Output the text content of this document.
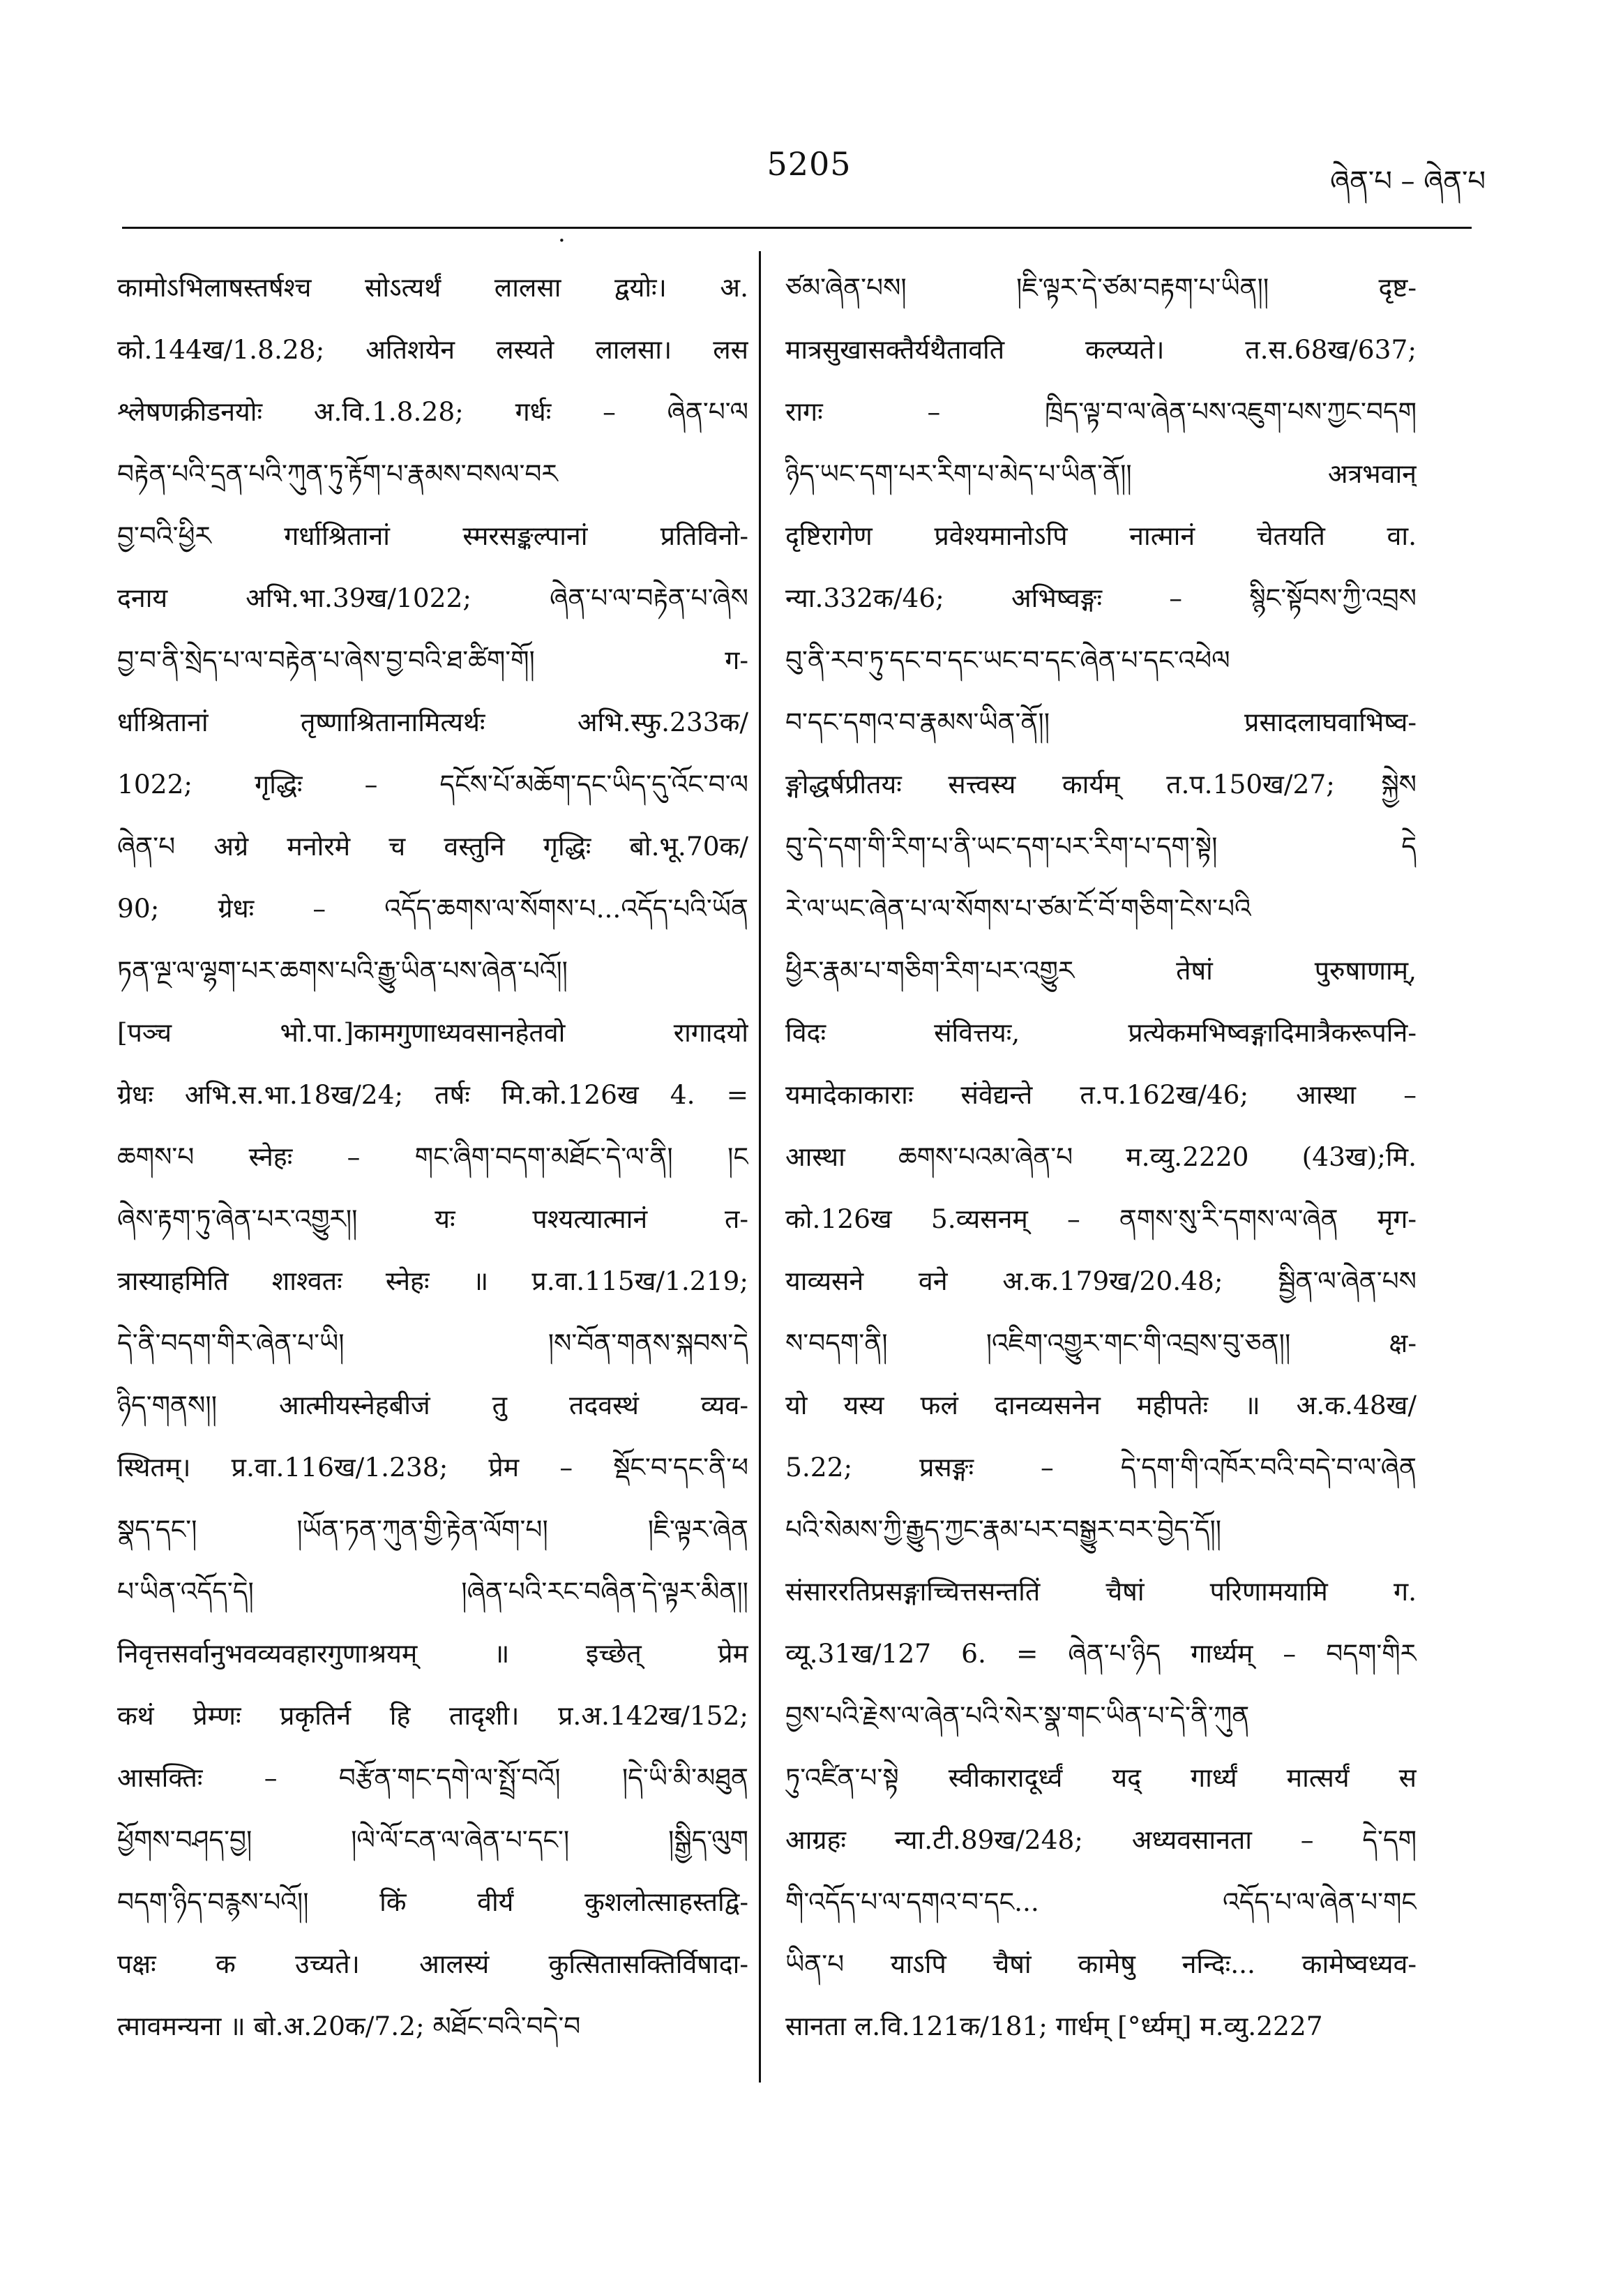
5205	ཞེན་པ – ཞེན་པ
·
कामोऽभिलाषस्तर्षश्च सोऽत्यर्थं लालसा द्वयोः। अ.
को.144ख/1.8.28; अतिशयेन लस्यते लालसा। लस
श्लेषणक्रीडनयोः अ.वि.1.8.28; गर्धः – ཞེན་པ་ལ
བརྟེན་པའི་དྲན་པའི་ཀུན་ཏུ་རྟོག་པ་རྣམས་བསལ་བར
བྱ་བའི་ཕྱིར गर्धाश्रितानां स्मरसङ्कल्पानां प्रतिविनो-
दनाय अभि.भा.39ख/1022; ཞེན་པ་ལ་བརྟེན་པ་ཞེས
བྱ་བ་ནི་སྲེད་པ་ལ་བརྟེན་པ་ཞེས་བྱ་བའི་ཐ་ཚིག་གོ། ग-
र्धाश्रितानां तृष्णाश्रितानामित्यर्थः अभि.स्फु.233क/
1022; गृद्धिः – དངོས་པོ་མཆོག་དང་ཡིད་དུ་འོང་བ་ལ
ཞེན་པ अग्रे मनोरमे च वस्तुनि गृद्धिः बो.भू.70क/
90; ग्रेधः – འདོད་ཆགས་ལ་སོགས་པ...འདོད་པའི་ཡོན
ཏན་ལྔ་ལ་ལྷག་པར་ཆགས་པའི་རྒྱུ་ཡིན་པས་ཞེན་པའོ།།
[पञ्च भो.पा.]कामगुणाध्यवसानहेतवो रागादयो
ग्रेधः अभि.स.भा.18ख/24; तर्षः मि.को.126ख 4. =
ཆགས་པ स्नेहः – གང་ཞིག་བདག་མཐོང་དེ་ལ་ནི། །ང
ཞེས་རྟག་ཏུ་ཞེན་པར་འགྱུར།། यः पश्यत्यात्मानं त-
त्रास्याहमिति शाश्वतः स्नेहः ॥ प्र.वा.115ख/1.219;
དེ་ནི་བདག་གིར་ཞེན་པ་ཡི། །ས་བོན་གནས་སྐབས་དེ
ཉིད་གནས།། आत्मीयस्नेहबीजं तु तदवस्थं व्यव-
स्थितम्। प्र.वा.116ख/1.238; प्रेम – སྡོང་བ་དང་ནི་ཕ
སྣད་དང་། །ཡོན་ཏན་ཀུན་གྱི་རྟེན་ལོག་པ། །ཇི་ལྟར་ཞེན
པ་ཡིན་འདོད་དེ། །ཞེན་པའི་རང་བཞིན་དེ་ལྟར་མིན།།
निवृत्तसर्वानुभवव्यवहारगुणाश्रयम् ॥ इच्छेत् प्रेम
कथं प्रेम्णः प्रकृतिर्न हि तादृशी। प्र.अ.142ख/152;
आसक्तिः – བརྩོན་གང་དགེ་ལ་སྤྲོ་བའོ། །དེ་ཡི་མི་མཐུན
ཕྱོགས་བཤད་བྱ། །ལེ་ལོ་ངན་ལ་ཞེན་པ་དང་། །སྒྱིད་ལུག
བདག་ཉིད་བརྙས་པའོ།། किं वीर्यं कुशलोत्साहस्तद्वि-
पक्षः क उच्यते। आलस्यं कुत्सितासक्तिर्विषादा-
त्मावमन्यना ॥ बो.अ.20क/7.2; མཐོང་བའི་བདེ་བ
ཙམ་ཞེན་པས། །ཇི་ལྟར་དེ་ཙམ་བརྟག་པ་ཡིན།། दृष्ट-
मात्रसुखासक्तैर्यथैतावति कल्प्यते। त.स.68ख/637;
रागः – ཁྲིད་ལྟ་བ་ལ་ཞེན་པས་འཇུག་པས་ཀྱང་བདག
ཉིད་ཡང་དག་པར་རིག་པ་མེད་པ་ཡིན་ནོ།། अत्रभवान्
दृष्टिरागेण प्रवेश्यमानोऽपि नात्मानं चेतयति वा.
न्या.332क/46; अभिष्वङ्गः – སྙིང་སྟོབས་ཀྱི་འབྲས
བུ་ནི་རབ་ཏུ་དང་བ་དང་ཡང་བ་དང་ཞེན་པ་དང་འཕེལ
བ་དང་དགའ་བ་རྣམས་ཡིན་ནོ།། प्रसादलाघवाभिष्व-
ङ्गोद्धर्षप्रीतयः सत्त्वस्य कार्यम् त.प.150ख/27; སྐྱེས
བུ་དེ་དག་གི་རིག་པ་ནི་ཡང་དག་པར་རིག་པ་དག་སྟེ། དེ
རེ་ལ་ཡང་ཞེན་པ་ལ་སོགས་པ་ཙམ་ངོ་བོ་གཅིག་ངེས་པའི
ཕྱིར་རྣམ་པ་གཅིག་རིག་པར་འགྱུར तेषां पुरुषाणाम्,
विदः संवित्तयः, प्रत्येकमभिष्वङ्गादिमात्रैकरूपनि-
यमादेकाकाराः संवेद्यन्ते त.प.162ख/46; आस्था –
आस्था ཆགས་པའམ་ཞེན་པ म.व्यु.2220 (43ख);मि.
को.126ख 5.व्यसनम् – ནགས་སུ་རི་དགས་ལ་ཞེན मृग-
याव्यसने वने अ.क.179ख/20.48; སྦྱིན་ལ་ཞེན་པས
ས་བདག་ནི། །འཇིག་འགྱུར་གང་གི་འབྲས་བུ་ཅན།། क्ष-
यो यस्य फलं दानव्यसनेन महीपतेः ॥ अ.क.48ख/
5.22; प्रसङ्गः – དེ་དག་གི་འཁོར་བའི་བདེ་བ་ལ་ཞེན
པའི་སེམས་ཀྱི་རྒྱུད་ཀྱང་རྣམ་པར་བསྒྱུར་བར་བྱེད་དོ།།
संसाररतिप्रसङ्गाच्चित्तसन्ततिं चैषां परिणामयामि ग.
व्यू.31ख/127 6. = ཞེན་པ་ཉིད गार्ध्यम् – བདག་གིར
བྱས་པའི་རྗེས་ལ་ཞེན་པའི་སེར་སྣ་གང་ཡིན་པ་དེ་ནི་ཀུན
ཏུ་འཛིན་པ་སྟེ स्वीकारादूर्ध्वं यद् गार्ध्यं मात्सर्यं स
आग्रहः न्या.टी.89ख/248; अध्यवसानता – དེ་དག
གི་འདོད་པ་ལ་དགའ་བ་དང... འདོད་པ་ལ་ཞེན་པ་གང
ཡིན་པ याऽपि चैषां कामेषु नन्दिः... कामेष्वध्यव-
सानता ल.वि.121क/181; गार्धम् [°र्ध्यम्] म.व्यु.2227
